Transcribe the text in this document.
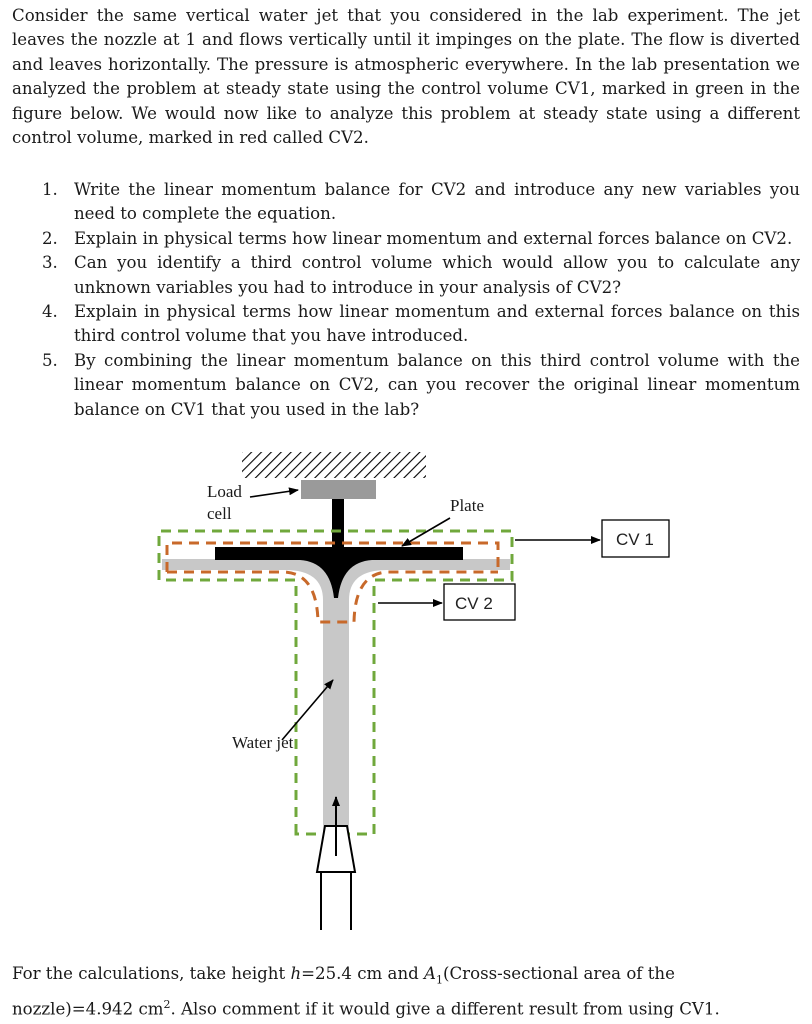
Consider the same vertical water jet that you considered in the lab experiment. The jet leaves the nozzle at 1 and flows vertically until it impinges on the plate. The flow is diverted and leaves horizontally. The pressure is atmospheric everywhere. In the lab presentation we analyzed the problem at steady state using the control volume CV1, marked in green in the figure below. We would now like to analyze this problem at steady state using a different control volume, marked in red called CV2.

1. Write the linear momentum balance for CV2 and introduce any new variables you need to complete the equation.
2. Explain in physical terms how linear momentum and external forces balance on CV2.
3. Can you identify a third control volume which would allow you to calculate any unknown variables you had to introduce in your analysis of CV2?
4. Explain in physical terms how linear momentum and external forces balance on this third control volume that you have introduced.
5. By combining the linear momentum balance on this third control volume with the linear momentum balance on CV2, can you recover the original linear momentum balance on CV1 that you used in the lab?
Load
cell	Plate
Water jet
CV 1
CV 2

For the calculations, take height h=25.4 cm and $A_1(Cross$-sectional area of the nozzle)=4.942 $cm^2$. Also comment if it would give a different result from using CV1.
